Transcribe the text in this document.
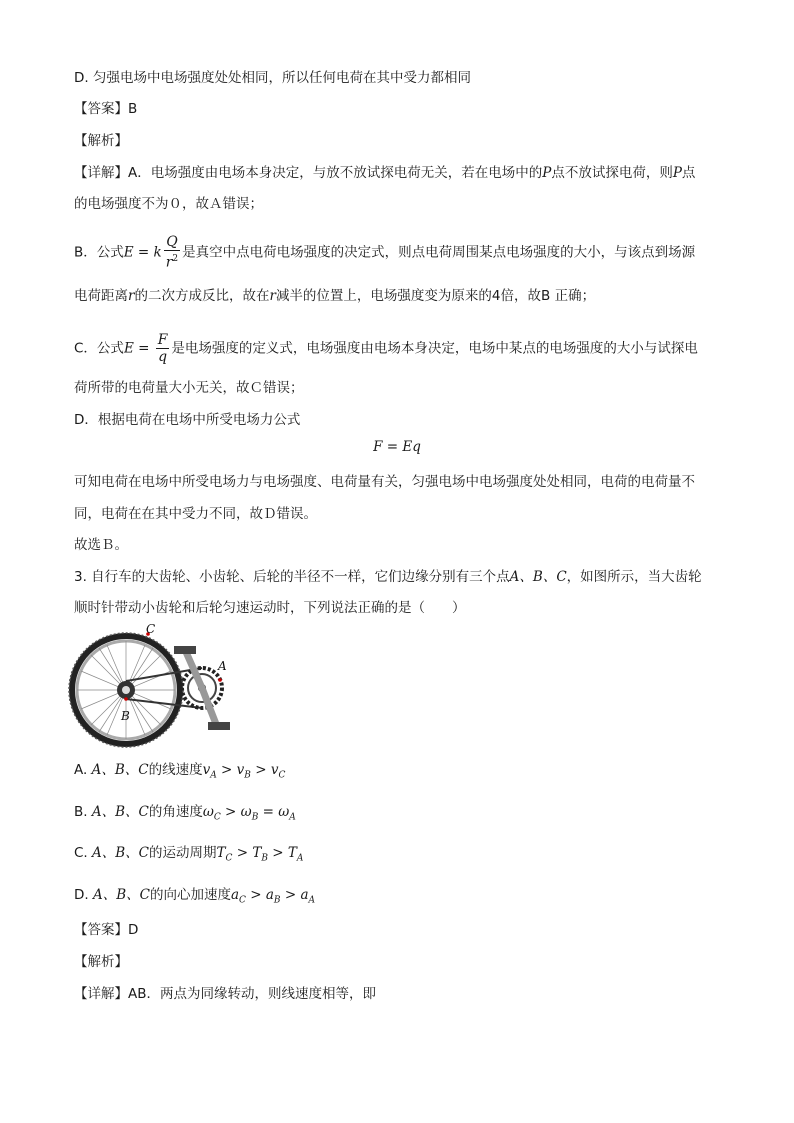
D. 匀强电场中电场强度处处相同，所以任何电荷在其中受力都相同
【答案】B
【解析】
【详解】A．电场强度由电场本身决定，与放不放试探电荷无关，若在电场中的P点不放试探电荷，则P点
的电场强度不为０，故Ａ错误；
B．公式E = k $\frac{Q}{r^2}$ 是真空中点电荷电场强度的决定式，则点电荷周围某点电场强度的大小，与该点到场源
电荷距离r的二次方成反比，故在r减半的位置上，电场强度变为原来的4倍，故B 正确；
C．公式$E = \frac{F}{q}$ 是电场强度的定义式，电场强度由电场本身决定，电场中某点的电场强度的大小与试探电
荷所带的电荷量大小无关，故Ｃ错误；
D．根据电荷在电场中所受电场力公式
F = Eq
可知电荷在电场中所受电场力与电场强度、电荷量有关，匀强电场中电场强度处处相同，电荷的电荷量不
同，电荷在在其中受力不同，故Ｄ错误。
故选Ｂ。
3. 自行车的大齿轮、小齿轮、后轮的半径不一样，它们边缘分别有三个点A、B、C，如图所示，当大齿轮
顺时针带动小齿轮和后轮匀速运动时，下列说法正确的是（　　）
C
A
B
A. A、B、C的线速度$v_A > v_B > v_C$
B. A、B、C的角速度$\omega_C > \omega_B = \omega_A$
C. A、B、C的运动周期$T_C > T_B > T_A$
D. A、B、C的向心加速度$a_C > a_B > a_A$
【答案】D
【解析】
【详解】AB．两点为同缘转动，则线速度相等，即
